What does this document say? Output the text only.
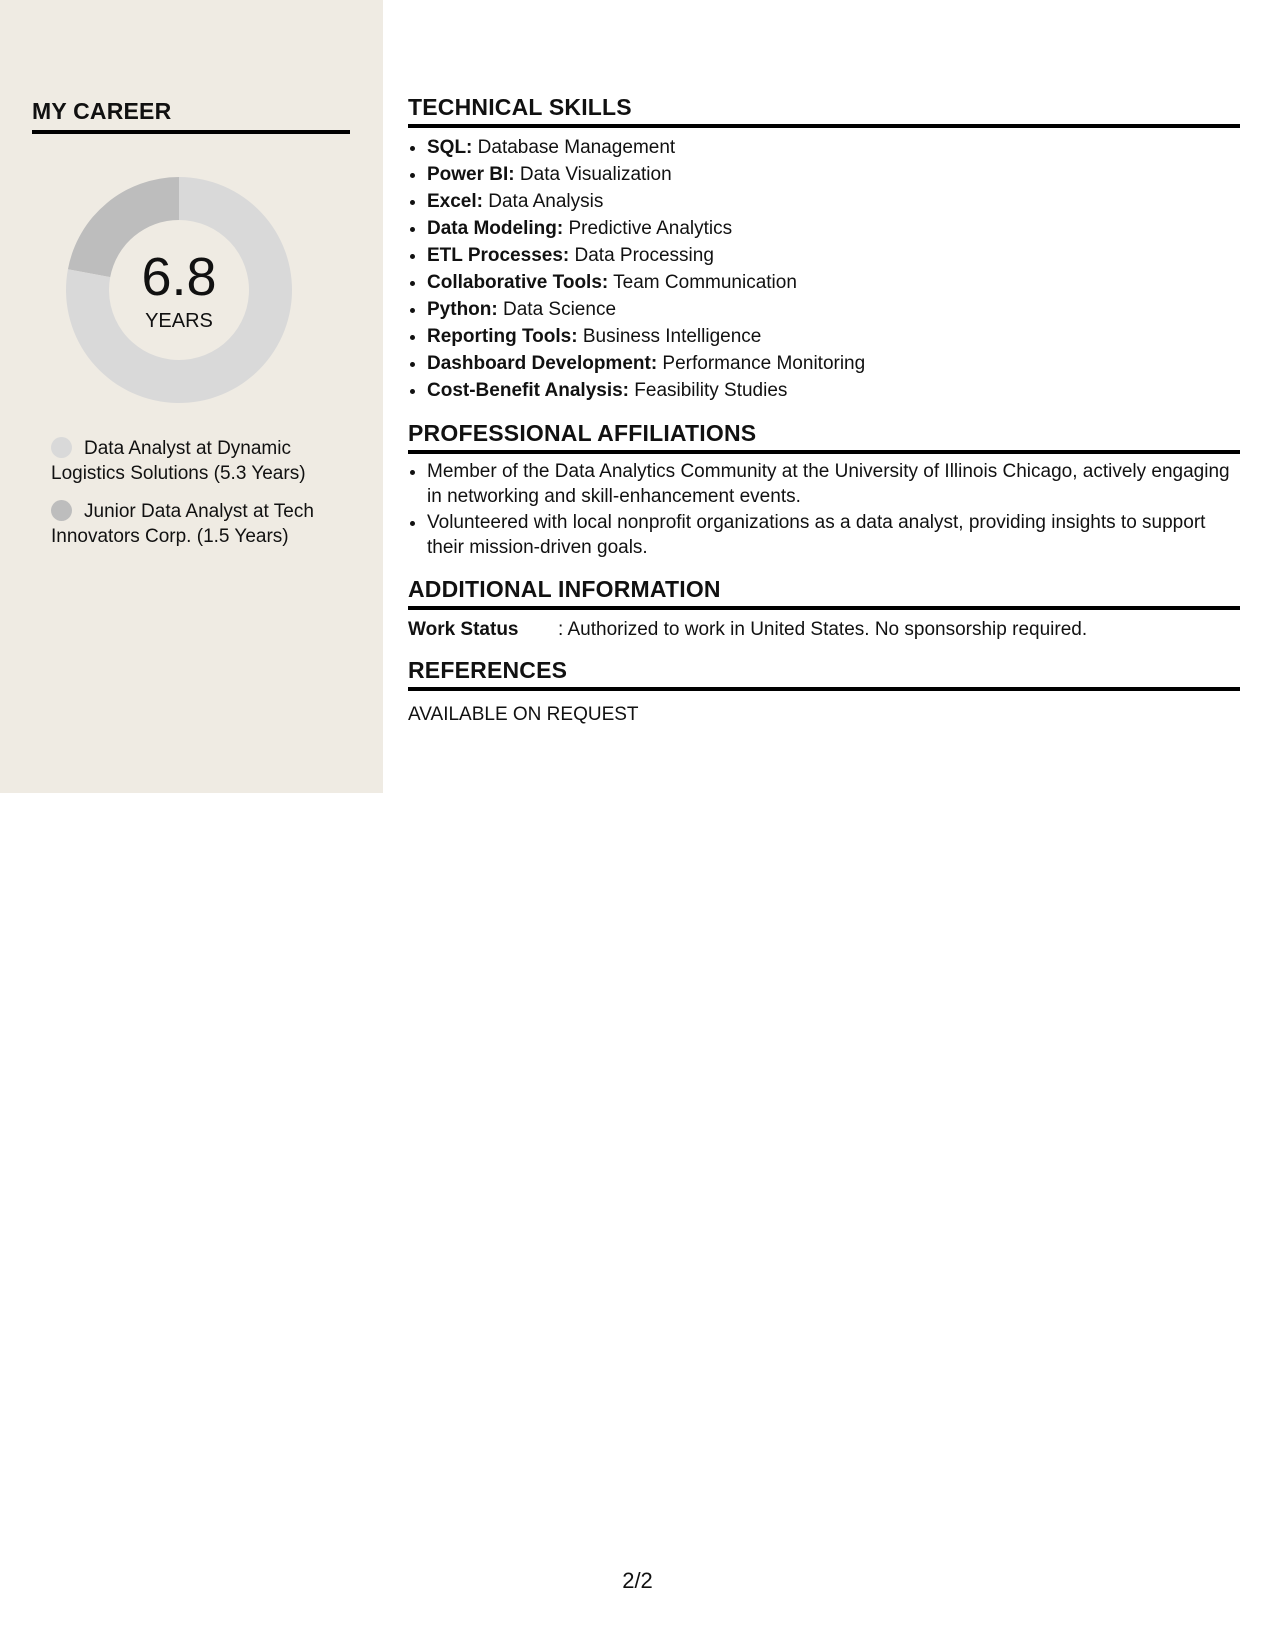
MY CAREER
6.8
YEARS
Data Analyst at Dynamic Logistics Solutions (5.3 Years)
Junior Data Analyst at Tech Innovators Corp. (1.5 Years)
TECHNICAL SKILLS
• SQL: Database Management
• Power BI: Data Visualization
• Excel: Data Analysis
• Data Modeling: Predictive Analytics
• ETL Processes: Data Processing
• Collaborative Tools: Team Communication
• Python: Data Science
• Reporting Tools: Business Intelligence
• Dashboard Development: Performance Monitoring
• Cost-Benefit Analysis: Feasibility Studies
PROFESSIONAL AFFILIATIONS
• Member of the Data Analytics Community at the University of Illinois Chicago, actively engaging in networking and skill-enhancement events.
• Volunteered with local nonprofit organizations as a data analyst, providing insights to support their mission-driven goals.
ADDITIONAL INFORMATION
Work Status : Authorized to work in United States. No sponsorship required.
REFERENCES
AVAILABLE ON REQUEST
2/2
